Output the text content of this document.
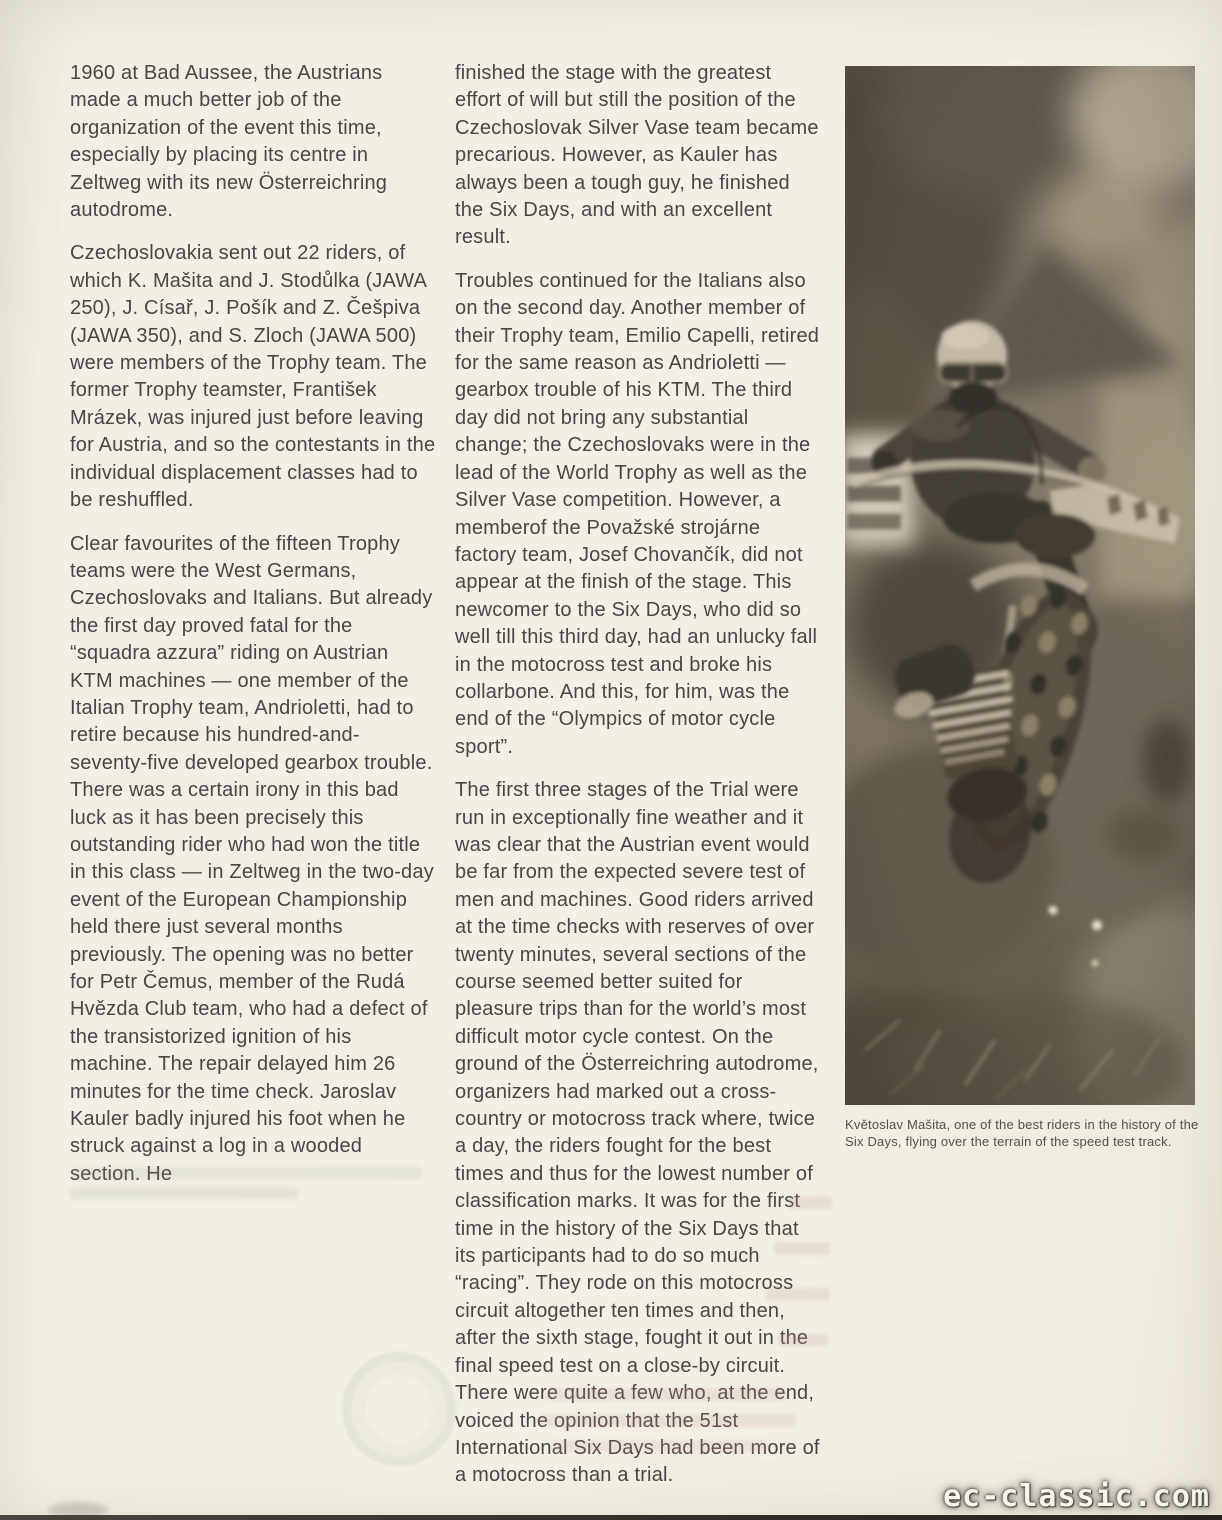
1960 at Bad Aussee, the Austrians made a much better job of the organization of the event this time, especially by placing its centre in Zeltweg with its new Österreichring autodrome.

Czechoslovakia sent out 22 riders, of which K. Mašita and J. Stodůlka (JAWA 250), J. Císař, J. Pošík and Z. Češpiva (JAWA 350), and S. Zloch (JAWA 500) were members of the Trophy team. The former Trophy teamster, František Mrázek, was injured just before leaving for Austria, and so the contestants in the individual displacement classes had to be reshuffled.

Clear favourites of the fifteen Trophy teams were the West Germans, Czechoslovaks and Italians. But already the first day proved fatal for the “squadra azzura” riding on Austrian KTM machines — one member of the Italian Trophy team, Andrioletti, had to retire because his hundred-and-seventy-five developed gearbox trouble. There was a certain irony in this bad luck as it has been precisely this outstanding rider who had won the title in this class — in Zeltweg in the two-day event of the European Championship held there just several months previously. The opening was no better for Petr Čemus, member of the Rudá Hvězda Club team, who had a defect of the transistorized ignition of his machine. The repair delayed him 26 minutes for the time check. Jaroslav Kauler badly injured his foot when he struck against a log in a wooded section. He

finished the stage with the greatest effort of will but still the position of the Czechoslovak Silver Vase team became precarious. However, as Kauler has always been a tough guy, he finished the Six Days, and with an excellent result.

Troubles continued for the Italians also on the second day. Another member of their Trophy team, Emilio Capelli, retired for the same reason as Andrioletti — gearbox trouble of his KTM. The third day did not bring any substantial change; the Czechoslovaks were in the lead of the World Trophy as well as the Silver Vase competition. However, a memberof the Považské strojárne factory team, Josef Chovančík, did not appear at the finish of the stage. This newcomer to the Six Days, who did so well till this third day, had an unlucky fall in the motocross test and broke his collarbone. And this, for him, was the end of the “Olympics of motor cycle sport”.

The first three stages of the Trial were run in exceptionally fine weather and it was clear that the Austrian event would be far from the expected severe test of men and machines. Good riders arrived at the time checks with reserves of over twenty minutes, several sections of the course seemed better suited for pleasure trips than for the world’s most difficult motor cycle contest. On the ground of the Österreichring autodrome, organizers had marked out a cross-country or motocross track where, twice a day, the riders fought for the best times and thus for the lowest number of classification marks. It was for the first time in the history of the Six Days that its participants had to do so much “racing”. They rode on this motocross circuit altogether ten times and then, after the sixth stage, fought it out in the final speed test on a close-by circuit. There were quite a few who, at the end, voiced the opinion that the 51st International Six Days had been more of a motocross than a trial.

Květoslav Mašita, one of the best riders in the history of the Six Days, flying over the terrain of the speed test track.
ec-classic.com
